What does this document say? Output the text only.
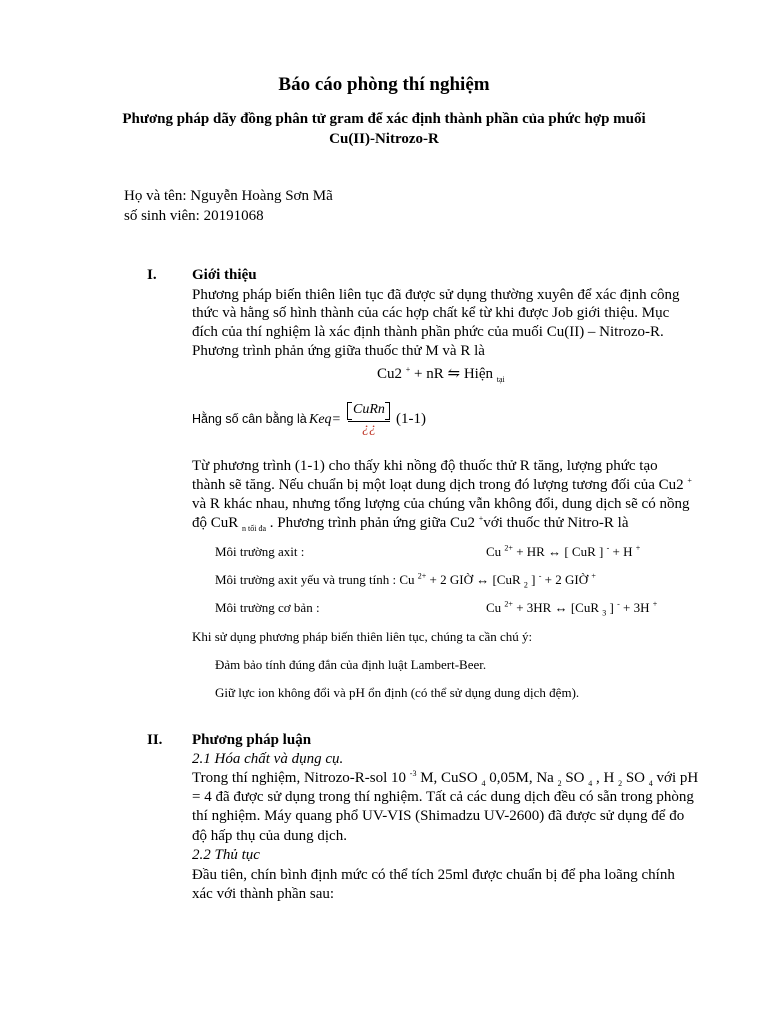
Báo cáo phòng thí nghiệm
Phương pháp dãy đồng phân tử gram để xác định thành phần của phức hợp muối
Cu(II)-Nitrozo-R
Họ và tên: Nguyễn Hoàng Sơn Mã
số sinh viên: 20191068
I. Giới thiệu
Phương pháp biến thiên liên tục đã được sử dụng thường xuyên để xác định công
thức và hằng số hình thành của các hợp chất kể từ khi được Job giới thiệu. Mục
đích của thí nghiệm là xác định thành phần phức của muối Cu(II) – Nitrozo-R.
Phương trình phản ứng giữa thuốc thử M và R là
Cu2 + + nR ⇋ Hiện $_{tại}$
Hằng số cân bằng là Keq=
CuRn
¿¿
(1-1)
Từ phương trình (1-1) cho thấy khi nồng độ thuốc thử R tăng, lượng phức tạo
thành sẽ tăng. Nếu chuẩn bị một loạt dung dịch trong đó lượng tương đối của Cu2 +
và R khác nhau, nhưng tổng lượng của chúng vẫn không đổi, dung dịch sẽ có nồng
độ CuR $_{n tối đa}$ . Phương trình phản ứng giữa Cu2 +với thuốc thử Nitro-R là
Môi trường axit :	Cu $^{2+}$ + HR ↔ [ CuR ] - + H +
Môi trường axit yếu và trung tính : Cu $^{2+}$ + 2 GIỜ ↔ [CuR $_2$ ] - + 2 GIỜ +
Môi trường cơ bản :	Cu $^{2+}$ + 3HR ↔ [CuR $_3$ ] - + 3H +
Khi sử dụng phương pháp biến thiên liên tục, chúng ta cần chú ý:
Đảm bảo tính đúng đắn của định luật Lambert-Beer.
Giữ lực ion không đổi và pH ổn định (có thể sử dụng dung dịch đệm).
II. Phương pháp luận
2.1 Hóa chất và dụng cụ.
Trong thí nghiệm, Nitrozo-R-sol 10 $^{-3}$ M, CuSO $_4$ 0,05M, Na $_2$ SO $_4$ , H $_2$ SO $_4$ với pH
= 4 đã được sử dụng trong thí nghiệm. Tất cả các dung dịch đều có sẵn trong phòng
thí nghiệm. Máy quang phổ UV-VIS (Shimadzu UV-2600) đã được sử dụng để đo
độ hấp thụ của dung dịch.
2.2 Thủ tục
Đầu tiên, chín bình định mức có thể tích 25ml được chuẩn bị để pha loãng chính
xác với thành phần sau:
